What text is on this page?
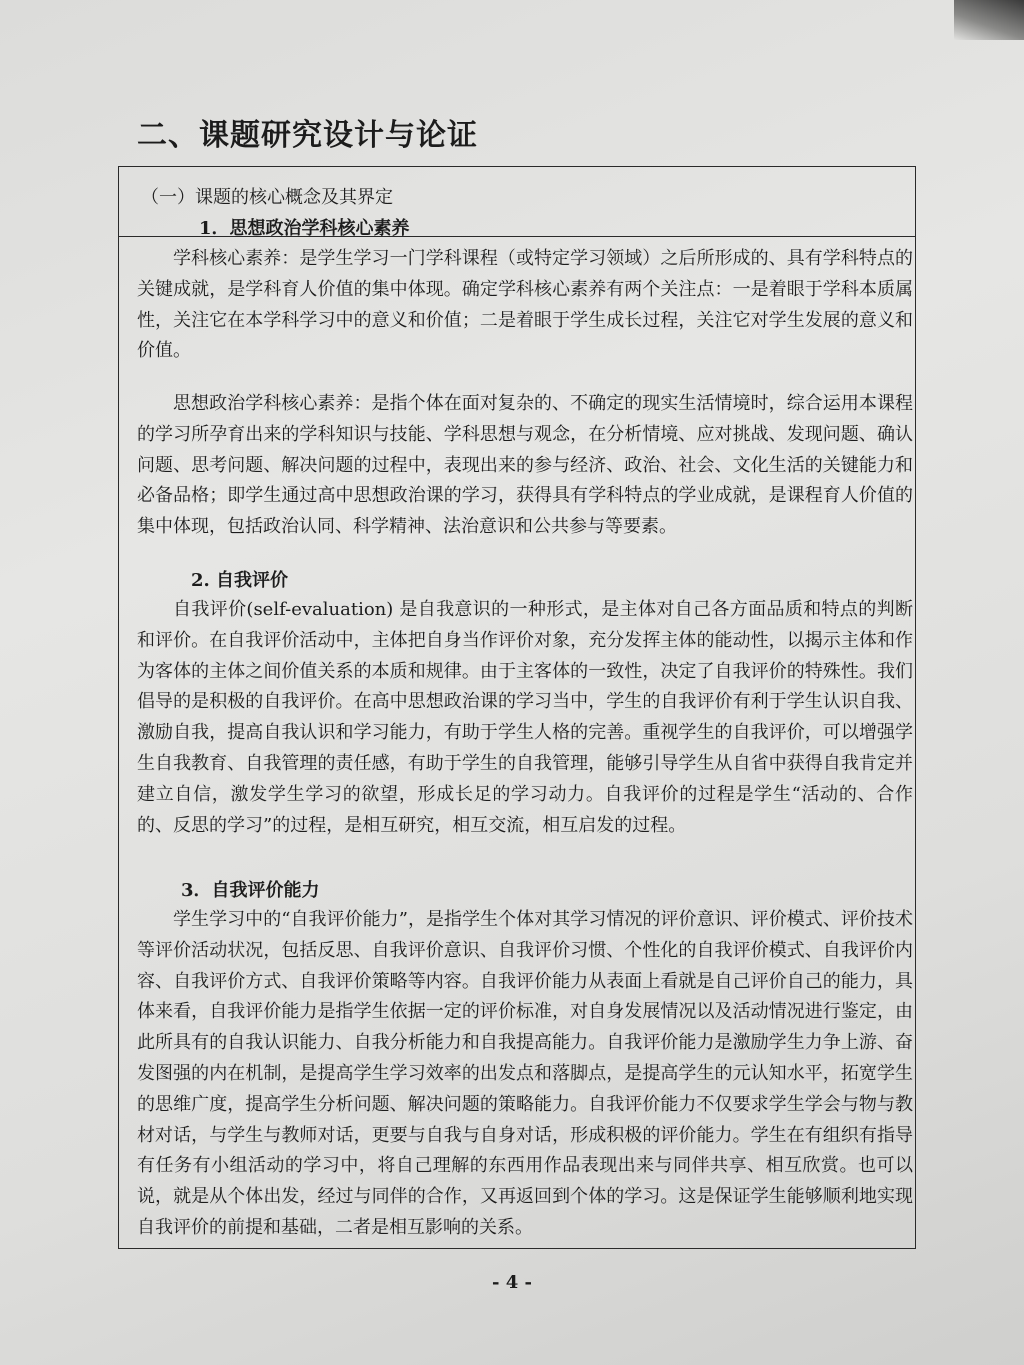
二、课题研究设计与论证
（一）课题的核心概念及其界定
1．思想政治学科核心素养
学科核心素养：是学生学习一门学科课程（或特定学习领域）之后所形成的、具有学科特点的关键成就，是学科育人价值的集中体现。确定学科核心素养有两个关注点：一是着眼于学科本质属性，关注它在本学科学习中的意义和价值；二是着眼于学生成长过程，关注它对学生发展的意义和价值。
思想政治学科核心素养：是指个体在面对复杂的、不确定的现实生活情境时，综合运用本课程的学习所孕育出来的学科知识与技能、学科思想与观念，在分析情境、应对挑战、发现问题、确认问题、思考问题、解决问题的过程中，表现出来的参与经济、政治、社会、文化生活的关键能力和必备品格；即学生通过高中思想政治课的学习，获得具有学科特点的学业成就，是课程育人价值的集中体现，包括政治认同、科学精神、法治意识和公共参与等要素。
2. 自我评价
自我评价(self-evaluation) 是自我意识的一种形式，是主体对自己各方面品质和特点的判断和评价。在自我评价活动中，主体把自身当作评价对象，充分发挥主体的能动性，以揭示主体和作为客体的主体之间价值关系的本质和规律。由于主客体的一致性，决定了自我评价的特殊性。我们倡导的是积极的自我评价。在高中思想政治课的学习当中，学生的自我评价有利于学生认识自我、激励自我，提高自我认识和学习能力，有助于学生人格的完善。重视学生的自我评价，可以增强学生自我教育、自我管理的责任感，有助于学生的自我管理，能够引导学生从自省中获得自我肯定并建立自信，激发学生学习的欲望，形成长足的学习动力。自我评价的过程是学生“活动的、合作的、反思的学习”的过程，是相互研究，相互交流，相互启发的过程。
3．自我评价能力
学生学习中的“自我评价能力”，是指学生个体对其学习情况的评价意识、评价模式、评价技术等评价活动状况，包括反思、自我评价意识、自我评价习惯、个性化的自我评价模式、自我评价内容、自我评价方式、自我评价策略等内容。自我评价能力从表面上看就是自己评价自己的能力，具体来看，自我评价能力是指学生依据一定的评价标准，对自身发展情况以及活动情况进行鉴定，由此所具有的自我认识能力、自我分析能力和自我提高能力。自我评价能力是激励学生力争上游、奋发图强的内在机制，是提高学生学习效率的出发点和落脚点，是提高学生的元认知水平，拓宽学生的思维广度，提高学生分析问题、解决问题的策略能力。自我评价能力不仅要求学生学会与物与教材对话，与学生与教师对话，更要与自我与自身对话，形成积极的评价能力。学生在有组织有指导有任务有小组活动的学习中，将自己理解的东西用作品表现出来与同伴共享、相互欣赏。也可以说，就是从个体出发，经过与同伴的合作，又再返回到个体的学习。这是保证学生能够顺利地实现自我评价的前提和基础，二者是相互影响的关系。
- 4 -
